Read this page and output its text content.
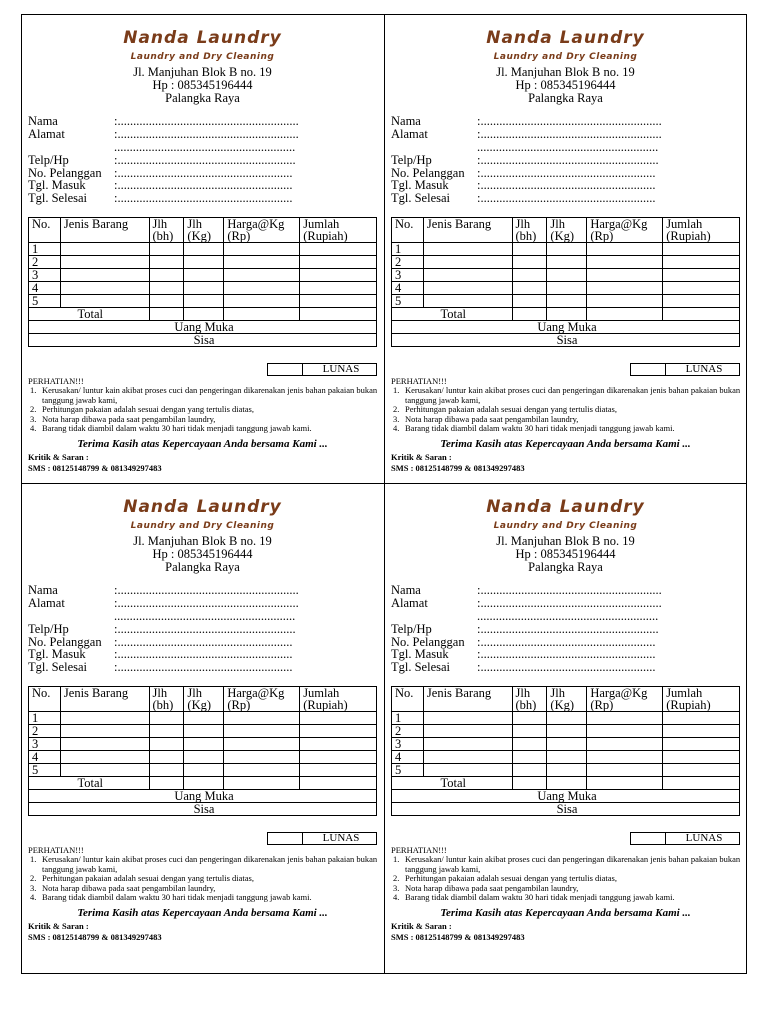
Nanda Laundry
Laundry and Dry Cleaning
Jl. Manjuhan Blok B no. 19
Hp : 085345196444
Palangka Raya
Nama	:..........................................................
Alamat	:..........................................................
..........................................................
Telp/Hp	:.........................................................
No. Pelanggan:........................................................
Tgl. Masuk:........................................................
Tgl. Selesai :........................................................
No.	Jenis Barang	Jlh (bh)	Jlh (Kg)	Harga@Kg (Rp)	Jumlah (Rupiah)
1					
2					
3					
4					
5					
Total					
Uang Muka					
Sisa					
LUNAS
PERHATIAN!!!
1. Kerusakan/ luntur kain akibat proses cuci dan pengeringan dikarenakan jenis bahan pakaian bukan tanggung jawab kami,
2. Perhitungan pakaian adalah sesuai dengan yang tertulis diatas,
3. Nota harap dibawa pada saat pengambilan laundry,
4. Barang tidak diambil dalam waktu 30 hari tidak menjadi tanggung jawab kami.
Terima Kasih atas Kepercayaan Anda bersama Kami ...
Kritik & Saran :
SMS : 08125148799 & 081349297483
Nanda Laundry
Laundry and Dry Cleaning
Jl. Manjuhan Blok B no. 19
Hp : 085345196444
Palangka Raya
Nama	:..........................................................
Alamat	:..........................................................
..........................................................
Telp/Hp	:.........................................................
No. Pelanggan:........................................................
Tgl. Masuk:........................................................
Tgl. Selesai :........................................................
No.	Jenis Barang	Jlh (bh)	Jlh (Kg)	Harga@Kg (Rp)	Jumlah (Rupiah)
1					
2					
3					
4					
5					
Total					
Uang Muka					
Sisa					
LUNAS
PERHATIAN!!!
1. Kerusakan/ luntur kain akibat proses cuci dan pengeringan dikarenakan jenis bahan pakaian bukan tanggung jawab kami,
2. Perhitungan pakaian adalah sesuai dengan yang tertulis diatas,
3. Nota harap dibawa pada saat pengambilan laundry,
4. Barang tidak diambil dalam waktu 30 hari tidak menjadi tanggung jawab kami.
Terima Kasih atas Kepercayaan Anda bersama Kami ...
Kritik & Saran :
SMS : 08125148799 & 081349297483
Nanda Laundry
Laundry and Dry Cleaning
Jl. Manjuhan Blok B no. 19
Hp : 085345196444
Palangka Raya
Nama	:..........................................................
Alamat	:..........................................................
..........................................................
Telp/Hp	:.........................................................
No. Pelanggan:........................................................
Tgl. Masuk:........................................................
Tgl. Selesai :........................................................
No.	Jenis Barang	Jlh (bh)	Jlh (Kg)	Harga@Kg (Rp)	Jumlah (Rupiah)
1					
2					
3					
4					
5					
Total					
Uang Muka					
Sisa					
LUNAS
PERHATIAN!!!
1. Kerusakan/ luntur kain akibat proses cuci dan pengeringan dikarenakan jenis bahan pakaian bukan tanggung jawab kami,
2. Perhitungan pakaian adalah sesuai dengan yang tertulis diatas,
3. Nota harap dibawa pada saat pengambilan laundry,
4. Barang tidak diambil dalam waktu 30 hari tidak menjadi tanggung jawab kami.
Terima Kasih atas Kepercayaan Anda bersama Kami ...
Kritik & Saran :
SMS : 08125148799 & 081349297483
Nanda Laundry
Laundry and Dry Cleaning
Jl. Manjuhan Blok B no. 19
Hp : 085345196444
Palangka Raya
Nama	:..........................................................
Alamat	:..........................................................
..........................................................
Telp/Hp	:.........................................................
No. Pelanggan:........................................................
Tgl. Masuk:........................................................
Tgl. Selesai :........................................................
No.	Jenis Barang	Jlh (bh)	Jlh (Kg)	Harga@Kg (Rp)	Jumlah (Rupiah)
1					
2					
3					
4					
5					
Total					
Uang Muka					
Sisa					
LUNAS
PERHATIAN!!!
1. Kerusakan/ luntur kain akibat proses cuci dan pengeringan dikarenakan jenis bahan pakaian bukan tanggung jawab kami,
2. Perhitungan pakaian adalah sesuai dengan yang tertulis diatas,
3. Nota harap dibawa pada saat pengambilan laundry,
4. Barang tidak diambil dalam waktu 30 hari tidak menjadi tanggung jawab kami.
Terima Kasih atas Kepercayaan Anda bersama Kami ...
Kritik & Saran :
SMS : 08125148799 & 081349297483
